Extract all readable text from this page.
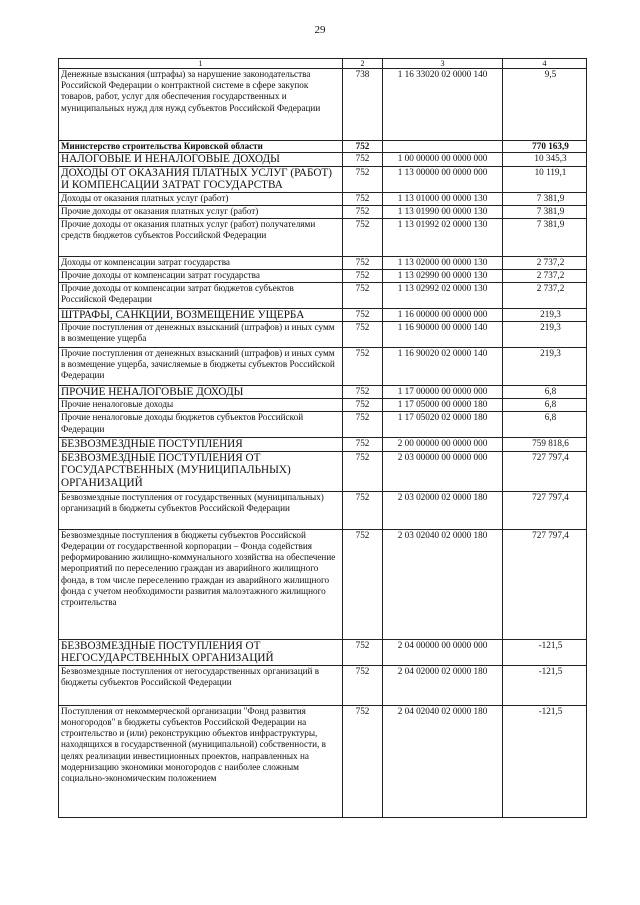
29
1	2	3	4
Денежные взыскания (штрафы) за нарушение законодательства Российской Федерации о контрактной системе в сфере закупок товаров, работ, услуг для обеспечения государственных и муниципальных нужд для нужд субъектов Российской Федерации	738	1 16 33020 02 0000 140	9,5
Министерство строительства Кировской области	752		770 163,9
НАЛОГОВЫЕ И НЕНАЛОГОВЫЕ ДОХОДЫ	752	1 00 00000 00 0000 000	10 345,3
ДОХОДЫ ОТ ОКАЗАНИЯ ПЛАТНЫХ УСЛУГ (РАБОТ) И КОМПЕНСАЦИИ ЗАТРАТ ГОСУДАРСТВА	752	1 13 00000 00 0000 000	10 119,1
Доходы от оказания платных услуг (работ)	752	1 13 01000 00 0000 130	7 381,9
Прочие доходы от оказания платных услуг (работ)	752	1 13 01990 00 0000 130	7 381,9
Прочие доходы от оказания платных услуг (работ) получателями средств бюджетов субъектов Российской Федерации	752	1 13 01992 02 0000 130	7 381,9
Доходы от компенсации затрат государства	752	1 13 02000 00 0000 130	2 737,2
Прочие доходы от компенсации затрат государства	752	1 13 02990 00 0000 130	2 737,2
Прочие доходы от компенсации затрат бюджетов субъектов Российской Федерации	752	1 13 02992 02 0000 130	2 737,2
ШТРАФЫ, САНКЦИИ, ВОЗМЕЩЕНИЕ УЩЕРБА	752	1 16 00000 00 0000 000	219,3
Прочие поступления от денежных взысканий (штрафов) и иных сумм в возмещение ущерба	752	1 16 90000 00 0000 140	219,3
Прочие поступления от денежных взысканий (штрафов) и иных сумм в возмещение ущерба, зачисляемые в бюджеты субъектов Российской Федерации	752	1 16 90020 02 0000 140	219,3
ПРОЧИЕ НЕНАЛОГОВЫЕ ДОХОДЫ	752	1 17 00000 00 0000 000	6,8
Прочие неналоговые доходы	752	1 17 05000 00 0000 180	6,8
Прочие неналоговые доходы бюджетов субъектов Российской Федерации	752	1 17 05020 02 0000 180	6,8
БЕЗВОЗМЕЗДНЫЕ ПОСТУПЛЕНИЯ	752	2 00 00000 00 0000 000	759 818,6
БЕЗВОЗМЕЗДНЫЕ ПОСТУПЛЕНИЯ ОТ ГОСУДАРСТВЕННЫХ (МУНИЦИПАЛЬНЫХ) ОРГАНИЗАЦИЙ	752	2 03 00000 00 0000 000	727 797,4
Безвозмездные поступления от государственных (муниципальных) организаций в бюджеты субъектов Российской Федерации	752	2 03 02000 02 0000 180	727 797,4
Безвозмездные поступления в бюджеты субъектов Российской Федерации от государственной корпорации – Фонда содействия реформированию жилищно-коммунального хозяйства на обеспечение мероприятий по переселению граждан из аварийного жилищного фонда, в том числе переселению граждан из аварийного жилищного фонда с учетом необходимости развития малоэтажного жилищного строительства	752	2 03 02040 02 0000 180	727 797,4
БЕЗВОЗМЕЗДНЫЕ ПОСТУПЛЕНИЯ ОТ НЕГОСУДАРСТВЕННЫХ ОРГАНИЗАЦИЙ	752	2 04 00000 00 0000 000	-121,5
Безвозмездные поступления от негосударственных организаций в бюджеты субъектов Российской Федерации	752	2 04 02000 02 0000 180	-121,5
Поступления от некоммерческой организации "Фонд развития моногородов" в бюджеты субъектов Российской Федерации на строительство и (или) реконструкцию объектов инфраструктуры, находящихся в государственной (муниципальной) собственности, в целях реализации инвестиционных проектов, направленных на модернизацию экономики моногородов с наиболее сложным социально-экономическим положением	752	2 04 02040 02 0000 180	-121,5
